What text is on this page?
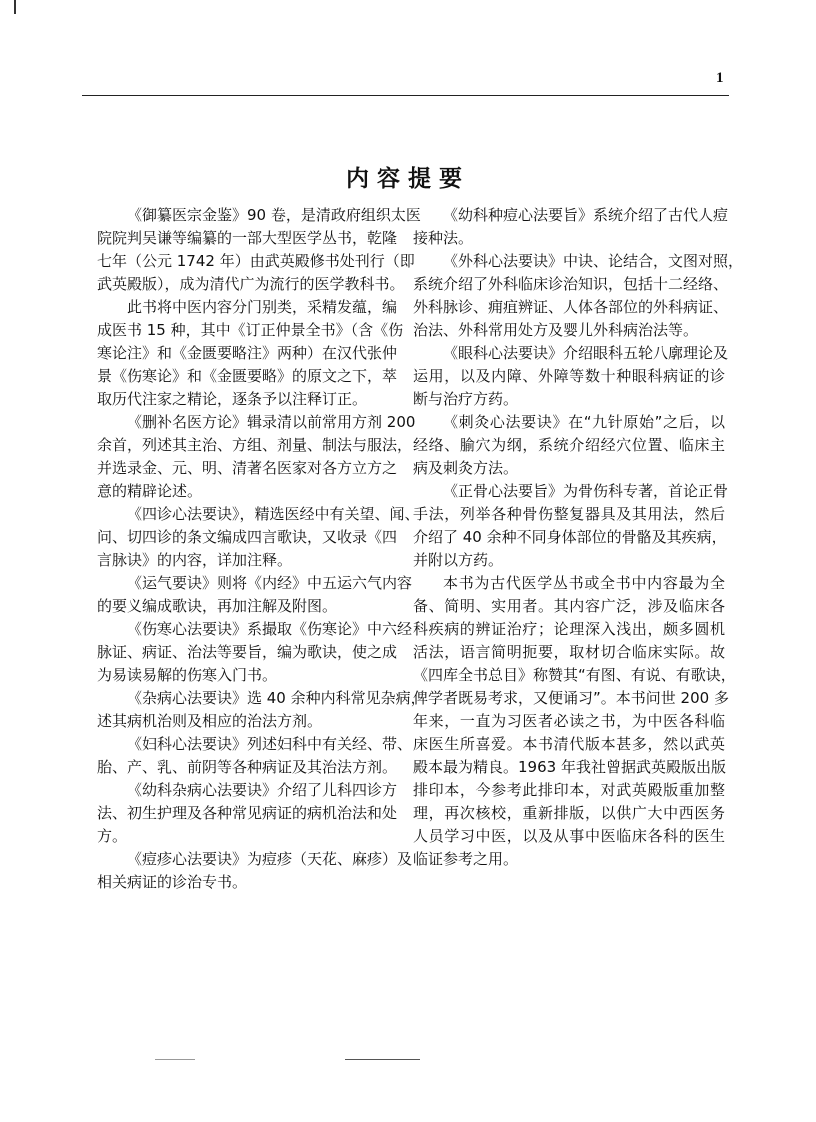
1
内容提要
《御纂医宗金鉴》90 卷，是清政府组织太医
院院判吴谦等编纂的一部大型医学丛书，乾隆
七年（公元 1742 年）由武英殿修书处刊行（即
武英殿版），成为清代广为流行的医学教科书。
此书将中医内容分门别类，采精发蕴，编
成医书 15 种，其中《订正仲景全书》（含《伤
寒论注》和《金匮要略注》两种）在汉代张仲
景《伤寒论》和《金匮要略》的原文之下，萃
取历代注家之精论，逐条予以注释订正。
《删补名医方论》辑录清以前常用方剂 200
余首，列述其主治、方组、剂量、制法与服法，
并选录金、元、明、清著名医家对各方立方之
意的精辟论述。
《四诊心法要诀》，精选医经中有关望、闻、
问、切四诊的条文编成四言歌诀，又收录《四
言脉诀》的内容，详加注释。
《运气要诀》则将《内经》中五运六气内容
的要义编成歌诀，再加注解及附图。
《伤寒心法要诀》系撮取《伤寒论》中六经
脉证、病证、治法等要旨，编为歌诀，使之成
为易读易解的伤寒入门书。
《杂病心法要诀》选 40 余种内科常见杂病，
述其病机治则及相应的治法方剂。
《妇科心法要诀》列述妇科中有关经、带、
胎、产、乳、前阴等各种病证及其治法方剂。
《幼科杂病心法要诀》介绍了儿科四诊方
法、初生护理及各种常见病证的病机治法和处
方。
《痘疹心法要诀》为痘疹（天花、麻疹）及
相关病证的诊治专书。
《幼科种痘心法要旨》系统介绍了古代人痘
接种法。
《外科心法要诀》中诀、论结合，文图对照，
系统介绍了外科临床诊治知识，包括十二经络、
外科脉诊、痈疽辨证、人体各部位的外科病证、
治法、外科常用处方及婴儿外科病治法等。
《眼科心法要诀》介绍眼科五轮八廓理论及
运用，以及内障、外障等数十种眼科病证的诊
断与治疗方药。
《刺灸心法要诀》在“九针原始”之后，以
经络、腧穴为纲，系统介绍经穴位置、临床主
病及刺灸方法。
《正骨心法要旨》为骨伤科专著，首论正骨
手法，列举各种骨伤整复器具及其用法，然后
介绍了 40 余种不同身体部位的骨骼及其疾病，
并附以方药。
本书为古代医学丛书或全书中内容最为全
备、简明、实用者。其内容广泛，涉及临床各
科疾病的辨证治疗；论理深入浅出，颇多圆机
活法，语言简明扼要，取材切合临床实际。故
《四库全书总目》称赞其“有图、有说、有歌诀，
俾学者既易考求，又便诵习”。本书问世 200 多
年来，一直为习医者必读之书，为中医各科临
床医生所喜爱。本书清代版本甚多，然以武英
殿本最为精良。1963 年我社曾据武英殿版出版
排印本，今参考此排印本，对武英殿版重加整
理，再次核校，重新排版，以供广大中西医务
人员学习中医，以及从事中医临床各科的医生
临证参考之用。
